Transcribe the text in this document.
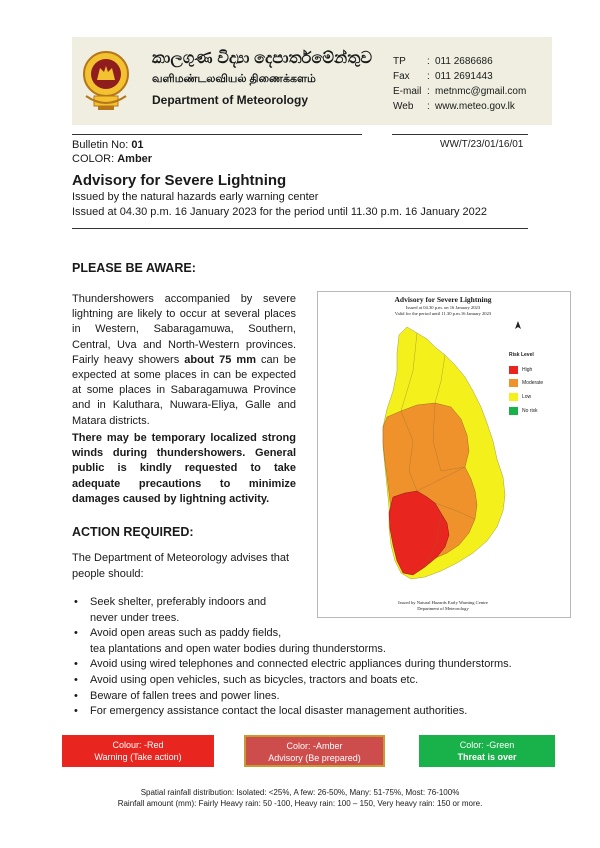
කාලගුණ විද්‍යා දෙපාර්තමේන්තුව
வளிமண்டலவியல் திணைக்களம்
Department of Meteorology
TP	: 011 2686686
Fax	: 011 2691443
E-mail : metnmc@gmail.com
Web	: www.meteo.gov.lk
Bulletin No: 01
COLOR: Amber
WW/T/23/01/16/01
Advisory for Severe Lightning
Issued by the natural hazards early warning center
Issued at 04.30 p.m. 16 January 2023 for the period until 11.30 p.m. 16 January 2022
PLEASE BE AWARE:
Thundershowers accompanied by severe lightning are likely to occur at several places in Western, Sabaragamuwa, Southern, Central, Uva and North-Western provinces. Fairly heavy showers about 75 mm can be expected at some places in can be expected at some places in Sabaragamuwa Province and in Kaluthara, Nuwara-Eliya, Galle and Matara districts.
There may be temporary localized strong winds during thundershowers. General public is kindly requested to take adequate precautions to minimize damages caused by lightning activity.
ACTION REQUIRED:
The Department of Meteorology advises that people should:
• Seek shelter, preferably indoors and
never under trees.
• Avoid open areas such as paddy fields,
tea plantations and open water bodies during thunderstorms.
• Avoid using wired telephones and connected electric appliances during thunderstorms.
• Avoid using open vehicles, such as bicycles, tractors and boats etc.
• Beware of fallen trees and power lines.
• For emergency assistance contact the local disaster management authorities.
Advisory for Severe Lightning
Issued at 04.30 p.m. on 16 January 2023
Valid for the period until 11.30 p.m.16 January 2023
Risk Level
High
Moderate
Low
No risk
Issued by Natural Hazards Early Warning Centre
Department of Meteorology
Colour: -Red
Warning (Take action)
Color: -Amber
Advisory (Be prepared)
Color: -Green
Threat is over
Spatial rainfall distribution: Isolated: <25%, A few: 26-50%, Many: 51-75%, Most: 76-100%
Rainfall amount (mm): Fairly Heavy rain: 50 -100, Heavy rain: 100 – 150, Very heavy rain: 150 or more.
